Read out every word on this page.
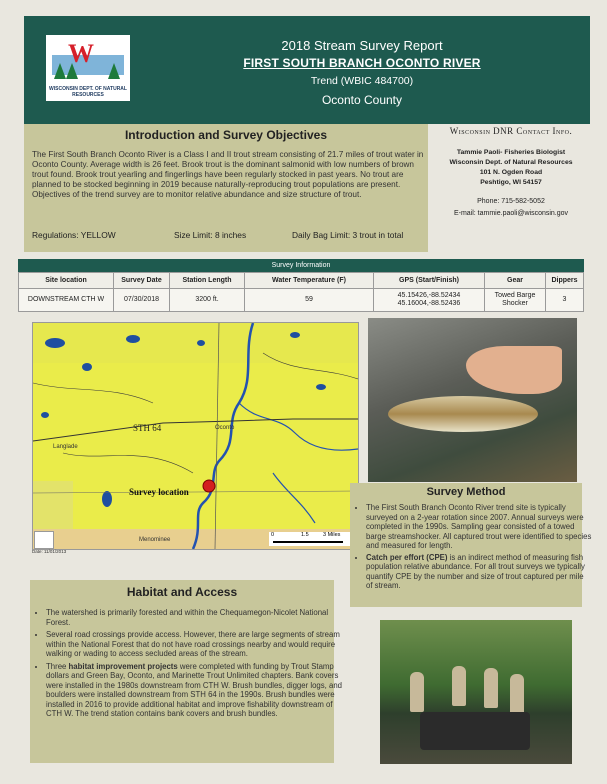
W
WISCONSIN DEPT. OF NATURAL RESOURCES
2018 Stream Survey Report
FIRST SOUTH BRANCH OCONTO RIVER
Trend (WBIC 484700)
Oconto County
Introduction and Survey Objectives
The First South Branch Oconto River is a Class I and II trout stream consisting of 21.7 miles of trout water in Oconto County. Average width is 26 feet. Brook trout is the dominant salmonid with low numbers of brown trout found. Brook trout yearling and fingerlings have been regularly stocked in past years. No trout are planned to be stocked beginning in 2019 because naturally-reproducing trout populations are present. Objectives of the trend survey are to monitor relative abundance and size structure of trout.
Regulations: YELLOW	Size Limit: 8 inches	Daily Bag Limit: 3 trout in total
Wisconsin DNR Contact Info.
Tammie Paoli- Fisheries Biologist
Wisconsin Dept. of Natural Resources
101 N. Ogden Road
Peshtigo, WI 54157
Phone: 715-582-5052
E-mail: tammie.paoli@wisconsin.gov
Survey Information
Site location	Survey Date	Station Length	Water Temperature (F)	GPS (Start/Finish)	Gear	Dippers
DOWNSTREAM CTH W	07/30/2018	3200 ft.	59	45.15426,-88.52434
45.16004,-88.52436	Towed Barge
Shocker	3
STH 64
Survey location
Langlade
Oconto
Menominee
0	1.5	3 Miles
Date: 11/01/2013
Survey Method
• The First South Branch Oconto River trend site is typically surveyed on a 2-year rotation since 2007. Annual surveys were completed in the 1990s. Sampling gear consisted of a towed barge streamshocker. All captured trout were identified to species and measured for length.
• Catch per effort (CPE) is an indirect method of measuring fish population relative abundance. For all trout surveys we typically quantify CPE by the number and size of trout captured per mile of stream.
Habitat and Access
• The watershed is primarily forested and within the Chequamegon-Nicolet National Forest.
• Several road crossings provide access. However, there are large segments of stream within the National Forest that do not have road crossings nearby and would require walking or wading to access secluded areas of the stream.
• Three habitat improvement projects were completed with funding by Trout Stamp dollars and Green Bay, Oconto, and Marinette Trout Unlimited chapters. Bank covers were installed in the 1980s downstream from CTH W. Brush bundles, digger logs, and boulders were installed downstream from STH 64 in the 1990s. Brush bundles were installed in 2016 to provide additional habitat and improve fishability downstream of CTH W. The trend station contains bank covers and brush bundles.
